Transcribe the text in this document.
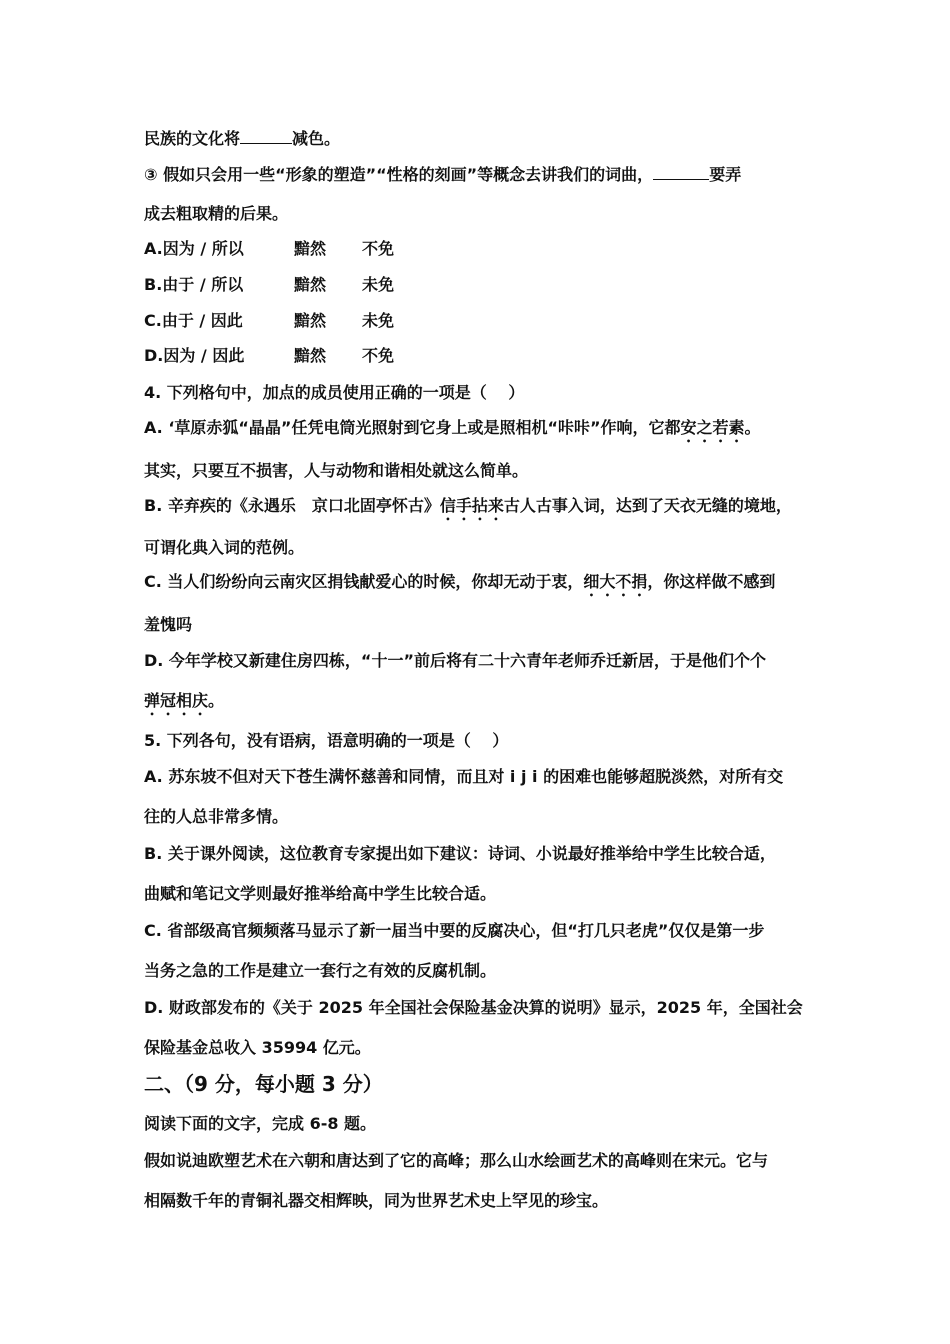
民族的文化将	减色。
③ 假如只会用一些“形象的塑造”“性格的刻画”等概念去讲我们的词曲，	要弄
成去粗取精的后果。
A.因为 / 所以	黯然 不免
B.由于 / 所以	黯然 未免
C.由于 / 因此	黯然 未免
D.因为 / 因此	黯然 不免
4. 下列格句中，加点的成员使用正确的一项是（　 ）
A. ‘草原赤狐“晶晶”任凭电筒光照射到它身上或是照相机“咔咔”作响，它都安之若素。
其实，只要互不损害，人与动物和谐相处就这么简单。
B. 辛弃疾的《永遇乐　京口北固亭怀古》信手拈来古人古事入词，达到了天衣无缝的境地，
可谓化典入词的范例。
C. 当人们纷纷向云南灾区捐钱献爱心的时候，你却无动于衷，细大不捐，你这样做不感到
羞愧吗
D. 今年学校又新建住房四栋，“十一”前后将有二十六青年老师乔迁新居，于是他们个个
弹冠相庆。
5. 下列各句，没有语病，语意明确的一项是（　 ）
A. 苏东坡不但对天下苍生满怀慈善和同情，而且对 i j i 的困难也能够超脱淡然，对所有交
往的人总非常多情。
B. 关于课外阅读，这位教育专家提出如下建议：诗词、小说最好推举给中学生比较合适，
曲赋和笔记文学则最好推举给高中学生比较合适。
C. 省部级高官频频落马显示了新一届当中要的反腐决心，但“打几只老虎”仅仅是第一步
当务之急的工作是建立一套行之有效的反腐机制。
D. 财政部发布的《关于 2025 年全国社会保险基金决算的说明》显示，2025 年，全国社会
保险基金总收入 35994 亿元。
二、（9 分，每小题 3 分）
阅读下面的文字，完成 6-8 题。
假如说迪欧塑艺术在六朝和唐达到了它的高峰；那么山水绘画艺术的高峰则在宋元。它与
相隔数千年的青铜礼器交相辉映，同为世界艺术史上罕见的珍宝。
